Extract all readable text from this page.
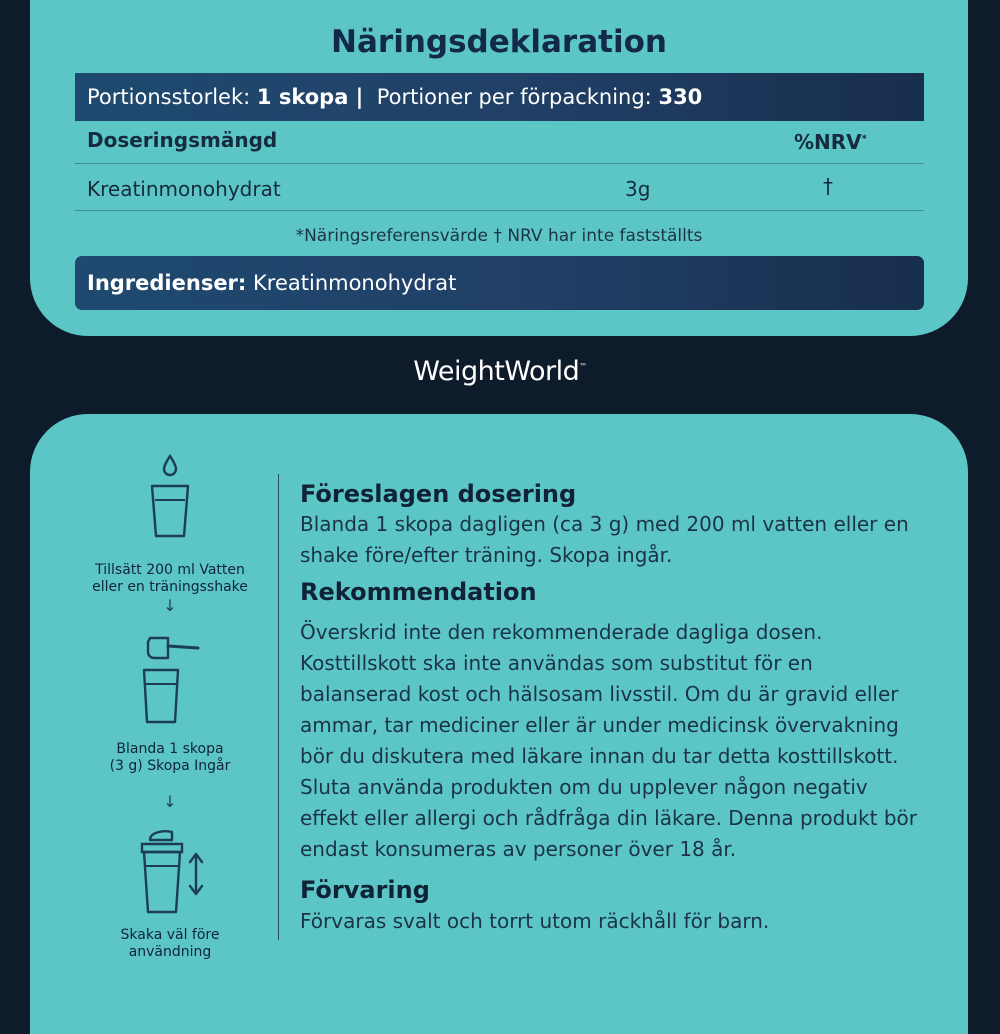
Näringsdeklaration
Portionsstorlek:
1 skopa |
Portioner per förpackning:
330
Doseringsmängd	%NRV*
Kreatinmonohydrat	3g	†
*Näringsreferensvärde † NRV har inte fastställts
Ingredienser:
Kreatinmonohydrat
WeightWorld™
Tillsätt 200 ml Vatten
eller en träningsshake
↓
Blanda 1 skopa
(3 g) Skopa Ingår
↓
Skaka väl före
användning
Föreslagen dosering
Blanda 1 skopa dagligen (ca 3 g) med 200 ml vatten eller en
shake före/efter träning. Skopa ingår.
Rekommendation
Överskrid inte den rekommenderade dagliga dosen.
Kosttillskott ska inte användas som substitut för en
balanserad kost och hälsosam livsstil. Om du är gravid eller
ammar, tar mediciner eller är under medicinsk övervakning
bör du diskutera med läkare innan du tar detta kosttillskott.
Sluta använda produkten om du upplever någon negativ
effekt eller allergi och rådfråga din läkare. Denna produkt bör
endast konsumeras av personer över 18 år.
Förvaring
Förvaras svalt och torrt utom räckhåll för barn.
